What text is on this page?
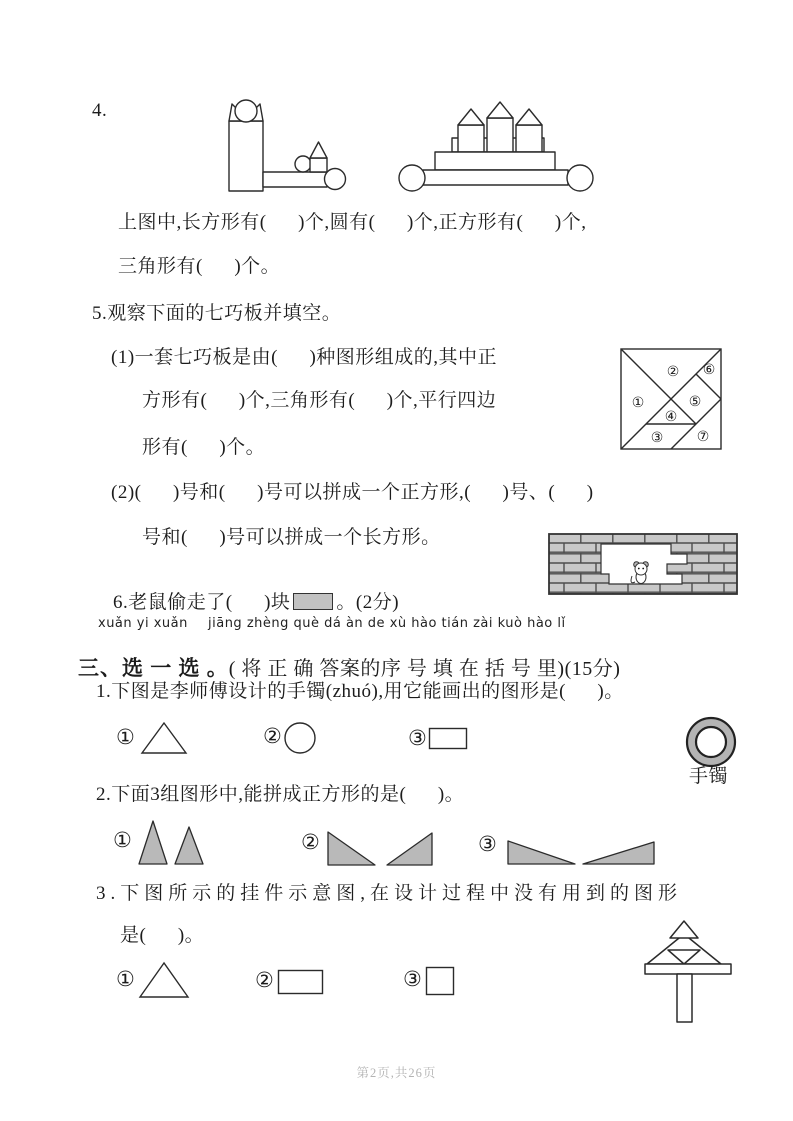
4.
上图中,长方形有(      )个,圆有(      )个,正方形有(      )个,
三角形有(      )个。
5.观察下面的七巧板并填空。
(1)一套七巧板是由(      )种图形组成的,其中正
方形有(      )个,三角形有(      )个,平行四边
形有(      )个。
①
②
③
④
⑤
⑥
⑦
(2)(      )号和(      )号可以拼成一个正方形,(      )号、(      )
号和(      )号可以拼成一个长方形。

6.老鼠偷走了(      )块 。(2分)

xuǎn yi xuǎn jiāng zhèng què dá àn de xù hào tián zài kuò hào lǐ

三、选 一 选 。( 将 正 确 答案的序 号 填 在 括 号 里)(15分)

1.下图是李师傅设计的手镯(zhuó),用它能画出的图形是(      )。
①	②	③
手镯
2.下面3组图形中,能拼成正方形的是(      )。
①	②	③
3.下图所示的挂件示意图,在设计过程中没有用到的图形
是(      )。
①	②	③
第2页,共26页
